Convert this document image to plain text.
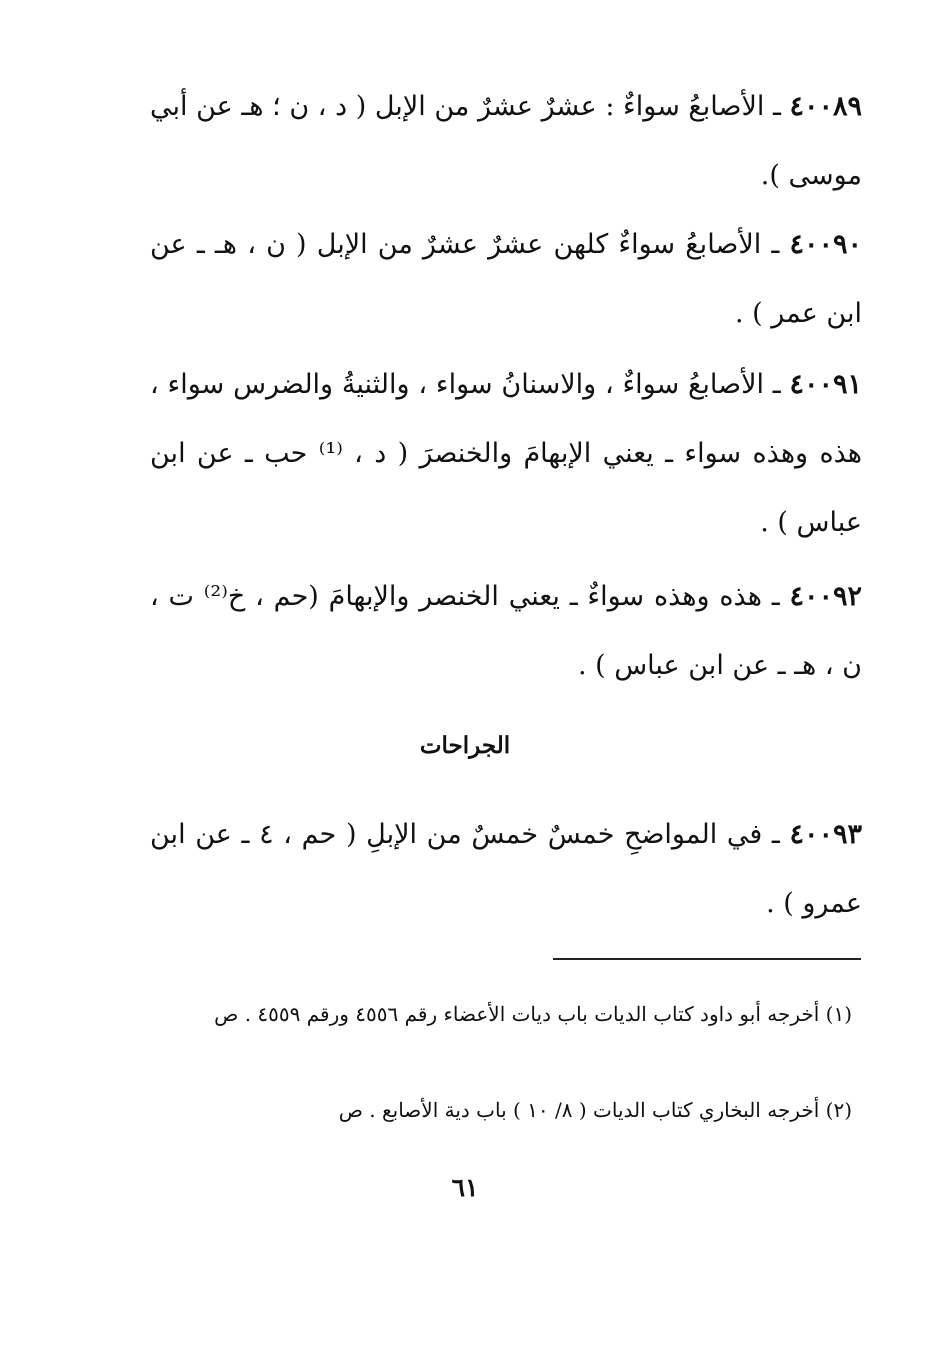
٤٠٠٨٩ ـ الأصابعُ سواءٌ : عشرٌ عشرٌ من الإبل ( د ، ن ؛ هـ عن أبي موسى ).
٤٠٠٩٠ ـ الأصابعُ سواءٌ كلهن عشرٌ عشرٌ من الإبل ( ن ، هـ ـ عن ابن عمر ) .
٤٠٠٩١ ـ الأصابعُ سواءٌ ، والاسنانُ سواء ، والثنيةُ والضرس سواء ، هذه وهذه سواء ـ يعني الإبهامَ والخنصرَ ( د ، ⁽¹⁾ حب ـ عن ابن عباس ) .
٤٠٠٩٢ ـ هذه وهذه سواءٌ ـ يعني الخنصر والإبهامَ (حم ، خ⁽²⁾ ت ، ن ، هـ ـ عن ابن عباس ) .
الجراحات
٤٠٠٩٣ ـ في المواضحِ خمسٌ خمسٌ من الإبلِ ( حم ، ٤ ـ عن ابن عمرو ) .
(١) أخرجه أبو داود كتاب الديات باب ديات الأعضاء رقم ٤٥٥٦ ورقم ٤٥٥٩ . ص
(٢) أخرجه البخاري كتاب الديات ( ٨/ ١٠ ) باب دية الأصابع . ص
٦١
